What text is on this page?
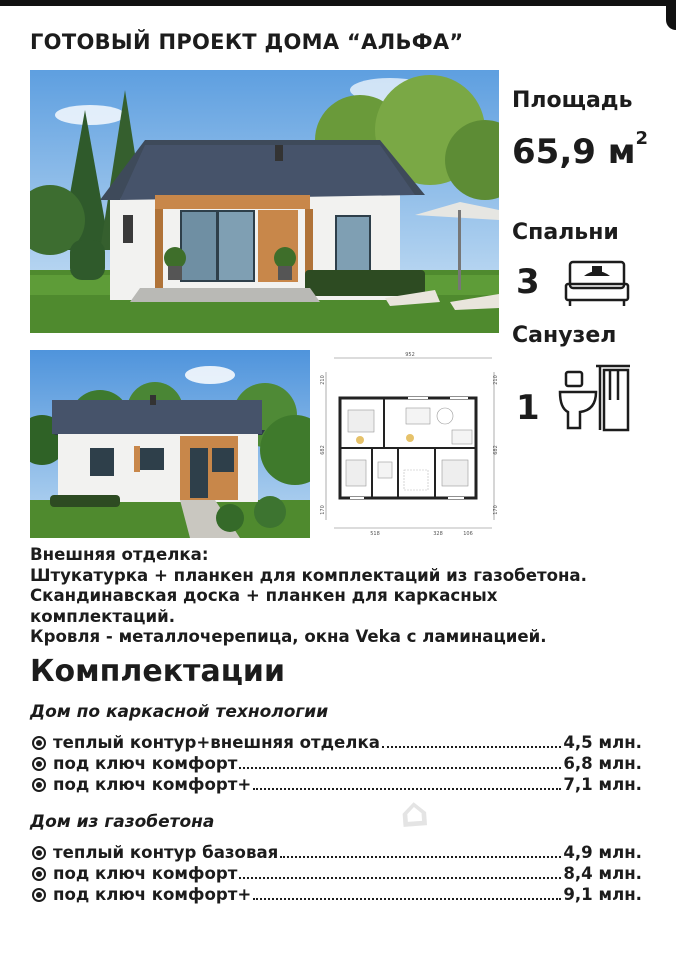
ГОТОВЫЙ ПРОЕКТ ДОМА “АЛЬФА”
952
210
682
170
210
682
170
518	328	106
Площадь
65,9 $м^2$
Спальни
3
Санузел
1
Внешняя отделка:
Штукатурка + планкен для комплектаций из газобетона.
Скандинавская доска + планкен для каркасных
комплектаций.
Кровля - металлочерепица, окна Veka с ламинацией.
Комплектации
⌂
Дом по каркасной технологии
теплый контур+внешняя отделка	4,5 млн.
под ключ комфорт	6,8 млн.
под ключ комфорт+	7,1 млн.
Дом из газобетона
теплый контур базовая	4,9 млн.
под ключ комфорт	8,4 млн.
под ключ комфорт+	9,1 млн.
